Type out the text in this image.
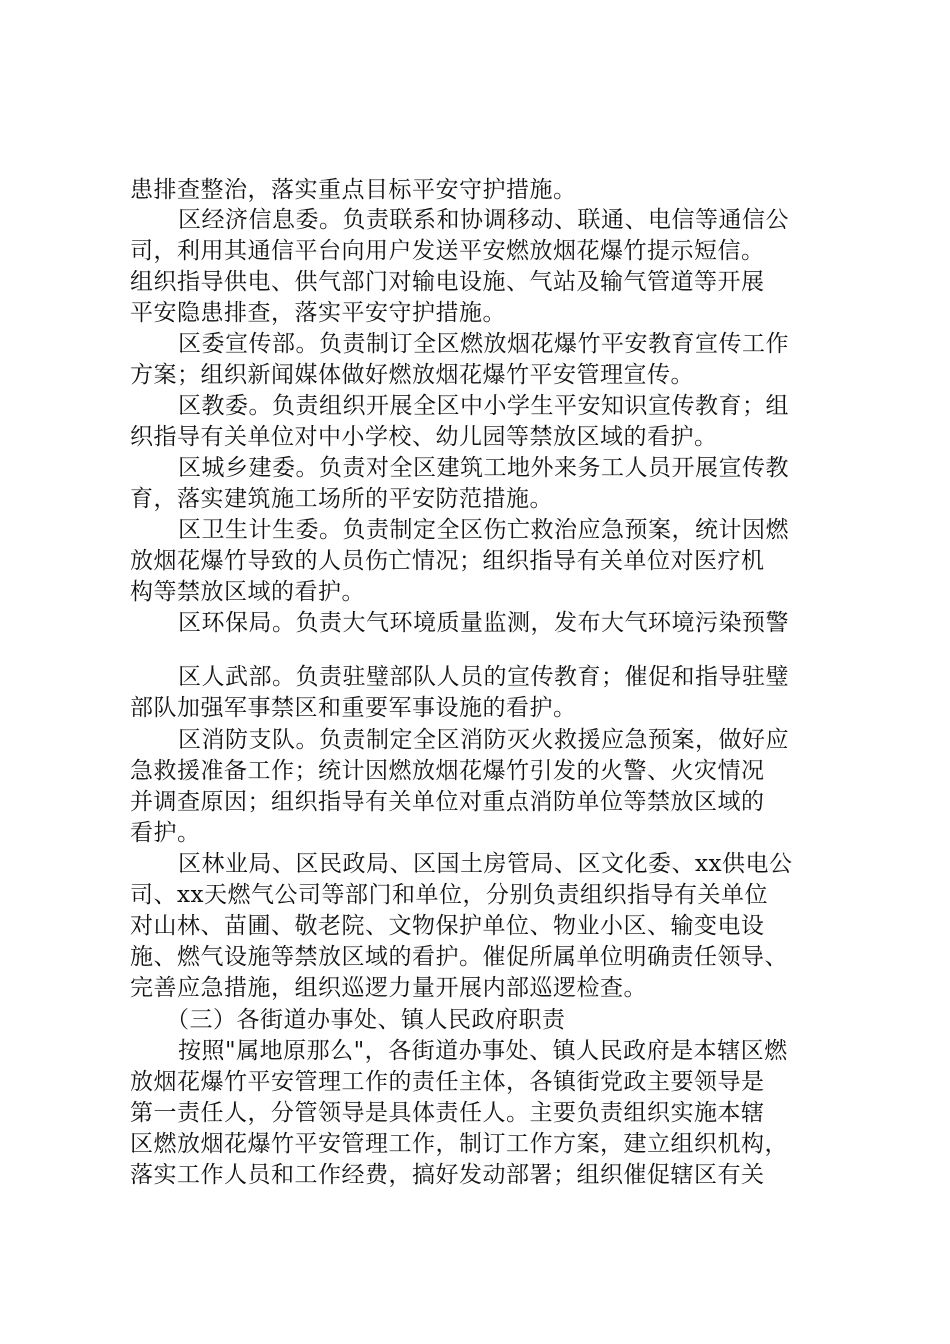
患排查整治，落实重点目标平安守护措施。
区经济信息委。负责联系和协调移动、联通、电信等通信公
司，利用其通信平台向用户发送平安燃放烟花爆竹提示短信。
组织指导供电、供气部门对输电设施、气站及输气管道等开展
平安隐患排查，落实平安守护措施。
区委宣传部。负责制订全区燃放烟花爆竹平安教育宣传工作
方案；组织新闻媒体做好燃放烟花爆竹平安管理宣传。
区教委。负责组织开展全区中小学生平安知识宣传教育；组
织指导有关单位对中小学校、幼儿园等禁放区域的看护。
区城乡建委。负责对全区建筑工地外来务工人员开展宣传教
育，落实建筑施工场所的平安防范措施。
区卫生计生委。负责制定全区伤亡救治应急预案，统计因燃
放烟花爆竹导致的人员伤亡情况；组织指导有关单位对医疗机
构等禁放区域的看护。
区环保局。负责大气环境质量监测，发布大气环境污染预警
区人武部。负责驻璧部队人员的宣传教育；催促和指导驻璧
部队加强军事禁区和重要军事设施的看护。
区消防支队。负责制定全区消防灭火救援应急预案，做好应
急救援准备工作；统计因燃放烟花爆竹引发的火警、火灾情况
并调查原因；组织指导有关单位对重点消防单位等禁放区域的
看护。
区林业局、区民政局、区国土房管局、区文化委、xx供电公
司、xx天燃气公司等部门和单位，分别负责组织指导有关单位
对山林、苗圃、敬老院、文物保护单位、物业小区、输变电设
施、燃气设施等禁放区域的看护。催促所属单位明确责任领导、
完善应急措施，组织巡逻力量开展内部巡逻检查。
（三）各街道办事处、镇人民政府职责
按照"属地原那么"，各街道办事处、镇人民政府是本辖区燃
放烟花爆竹平安管理工作的责任主体，各镇街党政主要领导是
第一责任人，分管领导是具体责任人。主要负责组织实施本辖
区燃放烟花爆竹平安管理工作，制订工作方案，建立组织机构，
落实工作人员和工作经费，搞好发动部署；组织催促辖区有关
